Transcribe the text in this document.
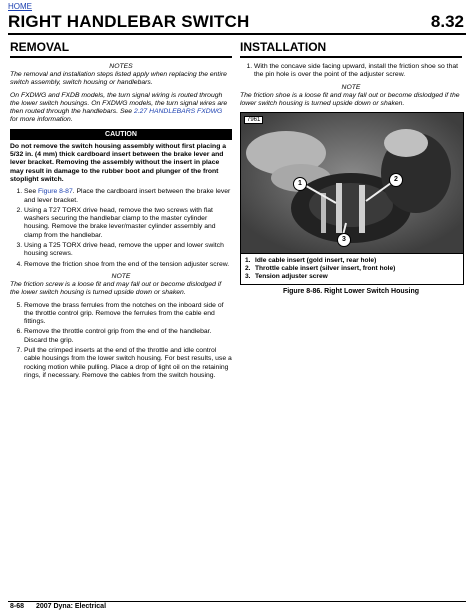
HOME
RIGHT HANDLEBAR SWITCH	8.32
REMOVAL
NOTES

The removal and installation steps listed apply when replacing the entire switch assembly, switch housing or handlebars.

On FXDWG and FXDB models, the turn signal wiring is routed through the lower switch housings. On FXDWG models, the turn signal wires are then routed through the handlebars. See 2.27 HANDLEBARS FXDWG for more information.

CAUTION

Do not remove the switch housing assembly without first placing a 5/32 in. (4 mm) thick cardboard insert between the brake lever and lever bracket. Removing the assembly without the insert in place may result in damage to the rubber boot and plunger of the front stoplight switch.

1. See Figure 8-87. Place the cardboard insert between the brake lever and lever bracket.
2. Using a T27 TORX drive head, remove the two screws with flat washers securing the handlebar clamp to the master cylinder housing. Remove the brake lever/master cylinder assembly and clamp from the handlebar.
3. Using a T25 TORX drive head, remove the upper and lower switch housing screws.
4. Remove the friction shoe from the end of the tension adjuster screw.
NOTE

The friction screw is a loose fit and may fall out or become dislodged if the lower switch housing is turned upside down or shaken.

5. Remove the brass ferrules from the notches on the inboard side of the throttle control grip. Remove the ferrules from the cable end fittings.
6. Remove the throttle control grip from the end of the handlebar. Discard the grip.
7. Pull the crimped inserts at the end of the throttle and idle control cable housings from the lower switch housing. For best results, use a rocking motion while pulling. Place a drop of light oil on the retaining rings, if necessary. Remove the cables from the switch housing.
INSTALLATION
1. With the concave side facing upward, install the friction shoe so that the pin hole is over the point of the adjuster screw.
NOTE

The friction shoe is a loose fit and may fall out or become dislodged if the lower switch housing is turned upside down or shaken.

7961
1
2
3
1. Idle cable insert (gold insert, rear hole)
2. Throttle cable insert (silver insert, front hole)
3. Tension adjuster screw
Figure 8-86. Right Lower Switch Housing
8-68 2007 Dyna: Electrical
